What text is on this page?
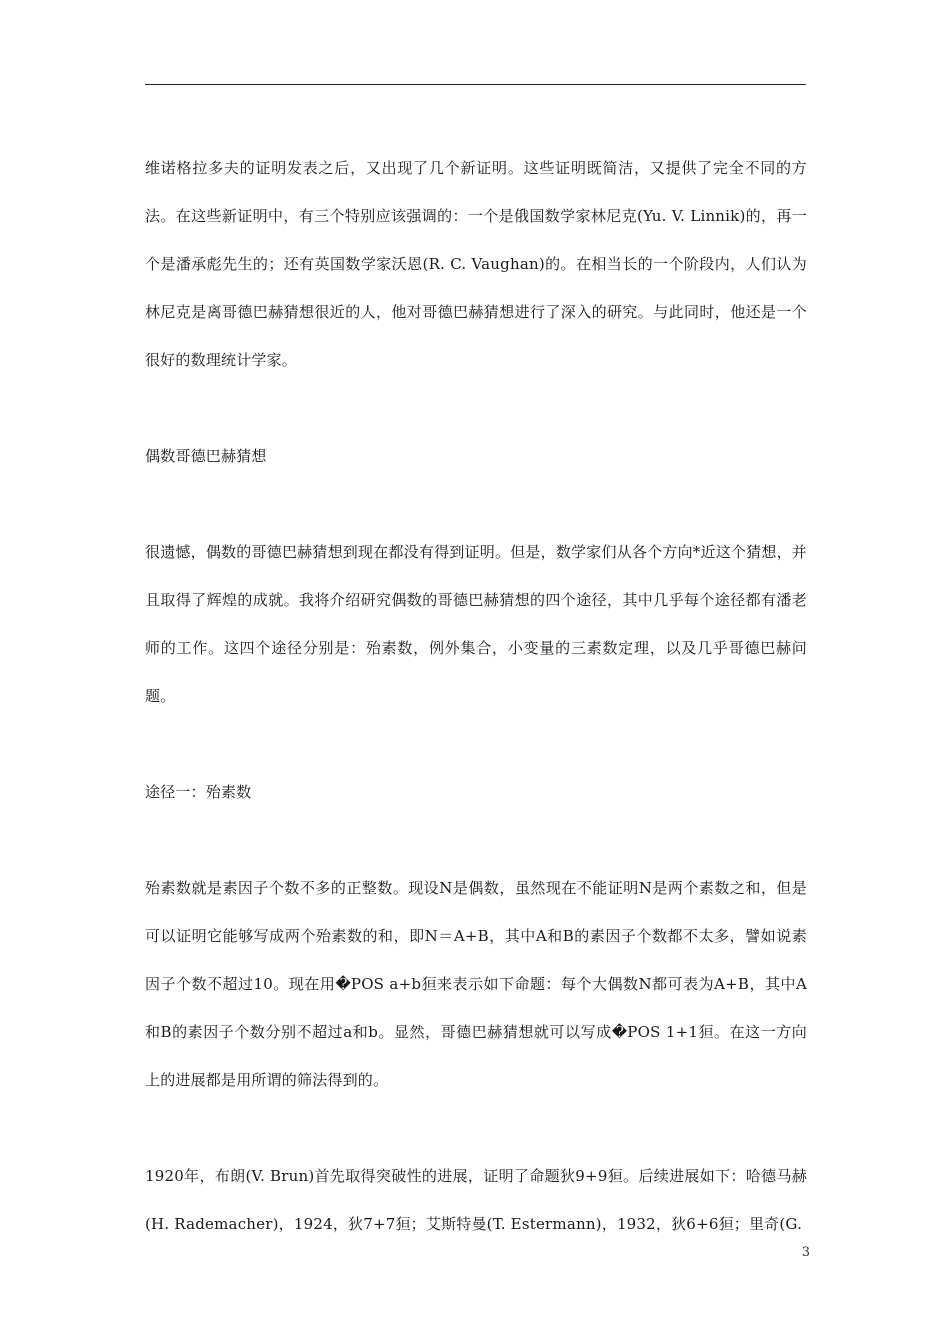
维诺格拉多夫的证明发表之后，又出现了几个新证明。这些证明既简洁，又提供了完全不同的方法。在这些新证明中，有三个特别应该强调的：一个是俄国数学家林尼克(Yu. V. Linnik)的，再一个是潘承彪先生的；还有英国数学家沃恩(R. C. Vaughan)的。在相当长的一个阶段内，人们认为林尼克是离哥德巴赫猜想很近的人，他对哥德巴赫猜想进行了深入的研究。与此同时，他还是一个很好的数理统计学家。

偶数哥德巴赫猜想

很遗憾，偶数的哥德巴赫猜想到现在都没有得到证明。但是，数学家们从各个方向*近这个猜想，并且取得了辉煌的成就。我将介绍研究偶数的哥德巴赫猜想的四个途径，其中几乎每个途径都有潘老师的工作。这四个途径分别是：殆素数，例外集合，小变量的三素数定理，以及几乎哥德巴赫问题。

途径一：殆素数

殆素数就是素因子个数不多的正整数。现设N是偶数，虽然现在不能证明N是两个素数之和，但是可以证明它能够写成两个殆素数的和，即N＝A+B，其中A和B的素因子个数都不太多，譬如说素因子个数不超过10。现在用�POS a+b狟来表示如下命题：每个大偶数N都可表为A+B，其中A和B的素因子个数分别不超过a和b。显然，哥德巴赫猜想就可以写成�POS 1+1狟。在这一方向上的进展都是用所谓的筛法得到的。

1920年，布朗(V. Brun)首先取得突破性的进展，证明了命题狄9+9狟。后续进展如下：哈德马赫(H. Rademacher)，1924，狄7+7狟；艾斯特曼(T. Estermann)，1932，狄6+6狟；里奇(G.

3
